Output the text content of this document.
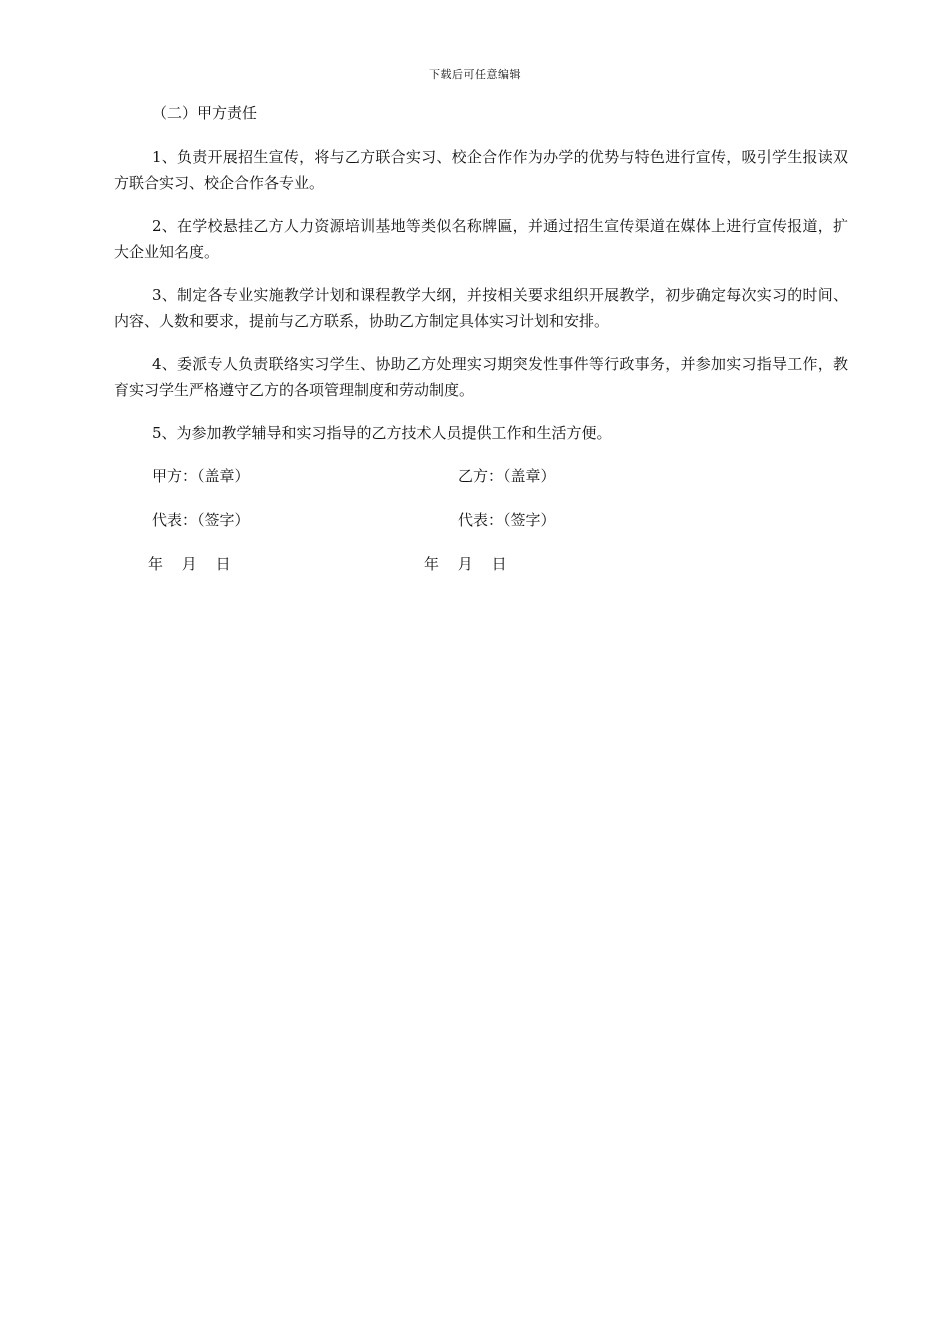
下载后可任意编辑
（二）甲方责任

1、负责开展招生宣传，将与乙方联合实习、校企合作作为办学的优势与特色进行宣传，吸引学生报读双方联合实习、校企合作各专业。

2、在学校悬挂乙方人力资源培训基地等类似名称牌匾，并通过招生宣传渠道在媒体上进行宣传报道，扩大企业知名度。

3、制定各专业实施教学计划和课程教学大纲，并按相关要求组织开展教学，初步确定每次实习的时间、内容、人数和要求，提前与乙方联系，协助乙方制定具体实习计划和安排。

4、委派专人负责联络实习学生、协助乙方处理实习期突发性事件等行政事务，并参加实习指导工作，教育实习学生严格遵守乙方的各项管理制度和劳动制度。

5、为参加教学辅导和实习指导的乙方技术人员提供工作和生活方便。

甲方：（盖章）	乙方：（盖章）
代表：（签字）	代表：（签字）
年 月 日	年 月 日
